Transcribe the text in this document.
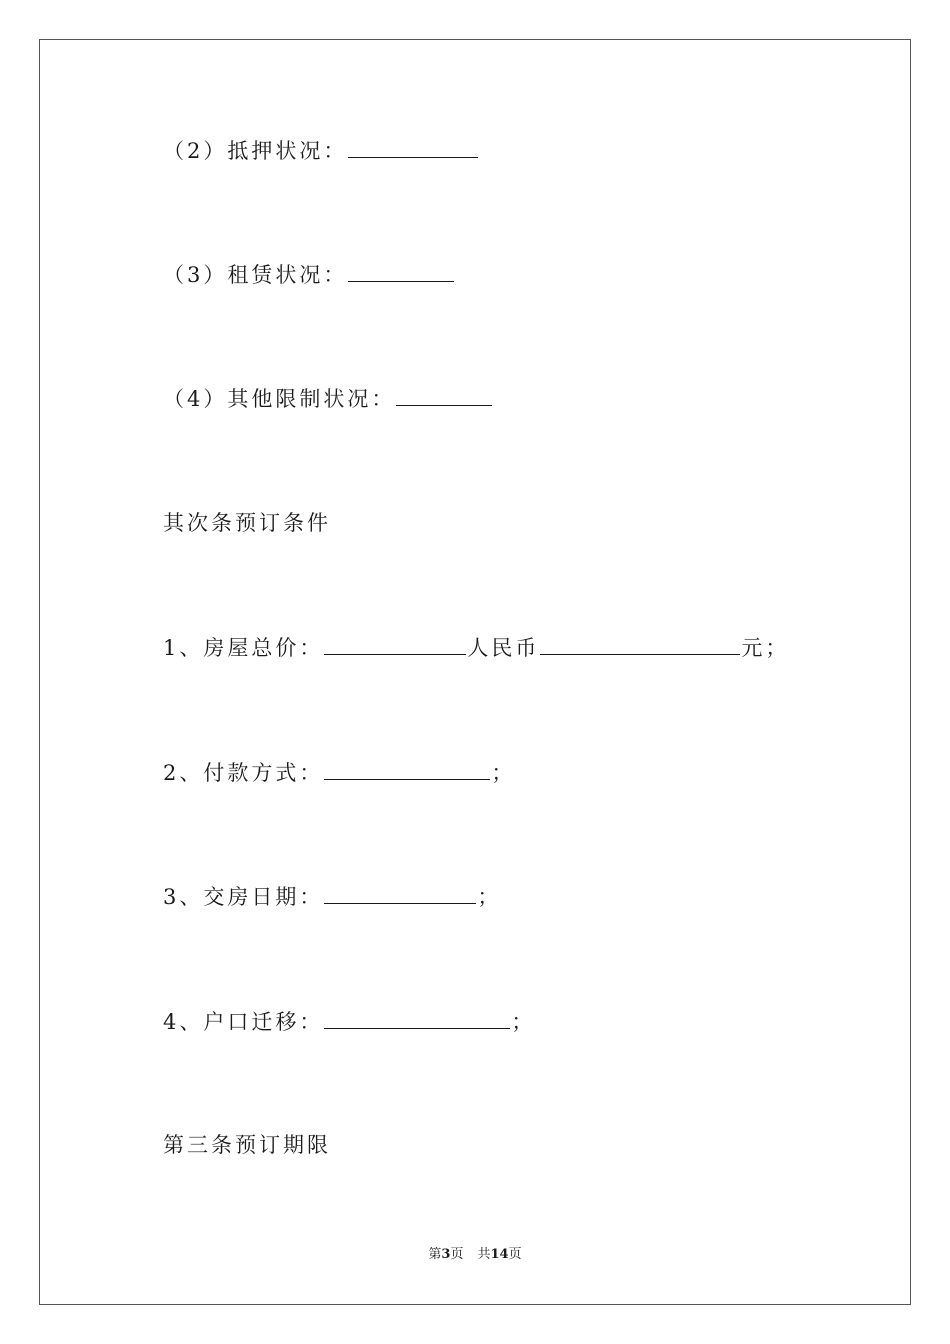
（2）抵押状况：
（3）租赁状况：
（4）其他限制状况：
其次条预订条件
1、房屋总价：	人民币	元；
2、付款方式：	；
3、交房日期：	；
4、户口迁移：	；
第三条预订期限
第3页 共14页
